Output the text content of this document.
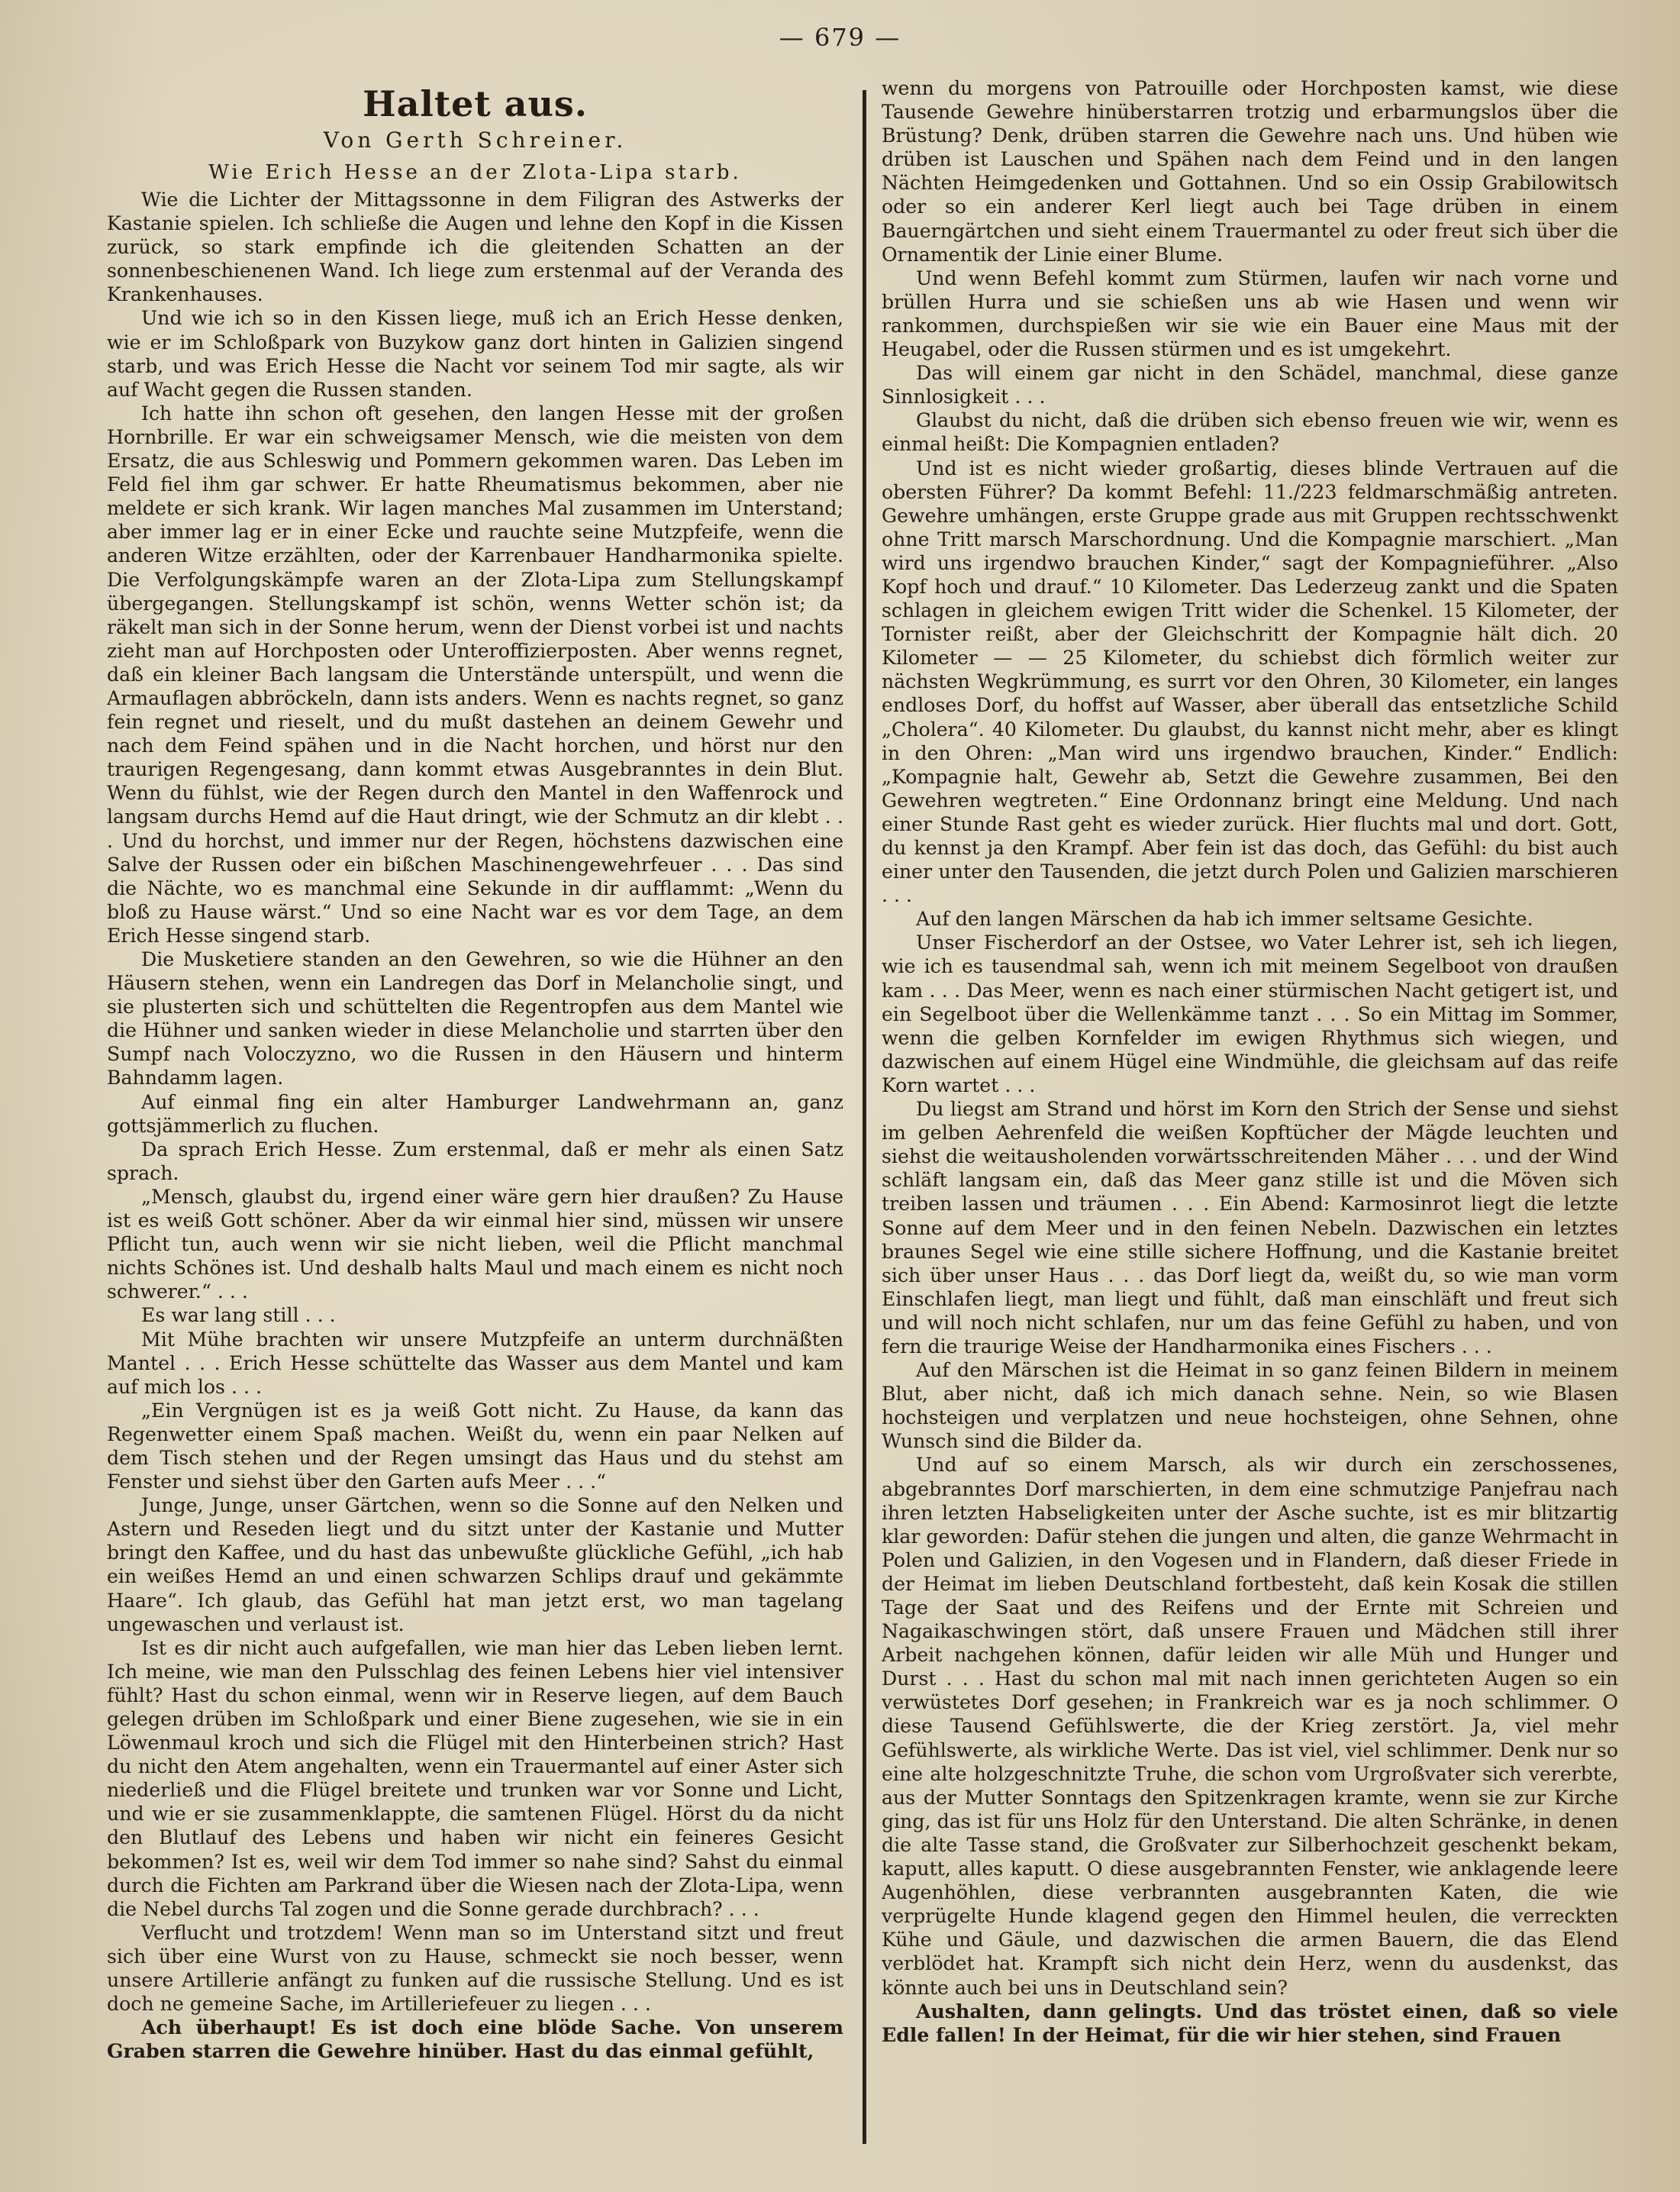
— 679 —
Haltet aus.
Von Gerth Schreiner.
Wie Erich Hesse an der Zlota-Lipa starb.

Wie die Lichter der Mittagssonne in dem Filigran des Astwerks der Kastanie spielen. Ich schließe die Augen und lehne den Kopf in die Kissen zurück, so stark empfinde ich die gleitenden Schatten an der sonnenbeschienenen Wand. Ich liege zum erstenmal auf der Veranda des Krankenhauses.

Und wie ich so in den Kissen liege, muß ich an Erich Hesse denken, wie er im Schloßpark von Buzykow ganz dort hinten in Galizien singend starb, und was Erich Hesse die Nacht vor seinem Tod mir sagte, als wir auf Wacht gegen die Russen standen.

Ich hatte ihn schon oft gesehen, den langen Hesse mit der großen Hornbrille. Er war ein schweigsamer Mensch, wie die meisten von dem Ersatz, die aus Schleswig und Pommern gekommen waren. Das Leben im Feld fiel ihm gar schwer. Er hatte Rheumatismus bekommen, aber nie meldete er sich krank. Wir lagen manches Mal zusammen im Unterstand; aber immer lag er in einer Ecke und rauchte seine Mutzpfeife, wenn die anderen Witze erzählten, oder der Karrenbauer Handharmonika spielte. Die Verfolgungskämpfe waren an der Zlota-Lipa zum Stellungskampf übergegangen. Stellungskampf ist schön, wenns Wetter schön ist; da räkelt man sich in der Sonne herum, wenn der Dienst vorbei ist und nachts zieht man auf Horchposten oder Unteroffizierposten. Aber wenns regnet, daß ein kleiner Bach langsam die Unterstände unterspült, und wenn die Armauflagen abbröckeln, dann ists anders. Wenn es nachts regnet, so ganz fein regnet und rieselt, und du mußt dastehen an deinem Gewehr und nach dem Feind spähen und in die Nacht horchen, und hörst nur den traurigen Regengesang, dann kommt etwas Ausgebranntes in dein Blut. Wenn du fühlst, wie der Regen durch den Mantel in den Waffenrock und langsam durchs Hemd auf die Haut dringt, wie der Schmutz an dir klebt . . . Und du horchst, und immer nur der Regen, höchstens dazwischen eine Salve der Russen oder ein bißchen Maschinengewehrfeuer . . . Das sind die Nächte, wo es manchmal eine Sekunde in dir aufflammt: „Wenn du bloß zu Hause wärst.“ Und so eine Nacht war es vor dem Tage, an dem Erich Hesse singend starb.

Die Musketiere standen an den Gewehren, so wie die Hühner an den Häusern stehen, wenn ein Landregen das Dorf in Melancholie singt, und sie plusterten sich und schüttelten die Regentropfen aus dem Mantel wie die Hühner und sanken wieder in diese Melancholie und starrten über den Sumpf nach Voloczyzno, wo die Russen in den Häusern und hinterm Bahndamm lagen.

Auf einmal fing ein alter Hamburger Landwehrmann an, ganz gottsjämmerlich zu fluchen.

Da sprach Erich Hesse. Zum erstenmal, daß er mehr als einen Satz sprach.

„Mensch, glaubst du, irgend einer wäre gern hier draußen? Zu Hause ist es weiß Gott schöner. Aber da wir einmal hier sind, müssen wir unsere Pflicht tun, auch wenn wir sie nicht lieben, weil die Pflicht manchmal nichts Schönes ist. Und deshalb halts Maul und mach einem es nicht noch schwerer.“ . . .

Es war lang still . . .

Mit Mühe brachten wir unsere Mutzpfeife an unterm durchnäßten Mantel . . . Erich Hesse schüttelte das Wasser aus dem Mantel und kam auf mich los . . .

„Ein Vergnügen ist es ja weiß Gott nicht. Zu Hause, da kann das Regenwetter einem Spaß machen. Weißt du, wenn ein paar Nelken auf dem Tisch stehen und der Regen umsingt das Haus und du stehst am Fenster und siehst über den Garten aufs Meer . . .“

Junge, Junge, unser Gärtchen, wenn so die Sonne auf den Nelken und Astern und Reseden liegt und du sitzt unter der Kastanie und Mutter bringt den Kaffee, und du hast das unbewußte glückliche Gefühl, „ich hab ein weißes Hemd an und einen schwarzen Schlips drauf und gekämmte Haare“. Ich glaub, das Gefühl hat man jetzt erst, wo man tagelang ungewaschen und verlaust ist.

Ist es dir nicht auch aufgefallen, wie man hier das Leben lieben lernt. Ich meine, wie man den Pulsschlag des feinen Lebens hier viel intensiver fühlt? Hast du schon einmal, wenn wir in Reserve liegen, auf dem Bauch gelegen drüben im Schloßpark und einer Biene zugesehen, wie sie in ein Löwenmaul kroch und sich die Flügel mit den Hinterbeinen strich? Hast du nicht den Atem angehalten, wenn ein Trauermantel auf einer Aster sich niederließ und die Flügel breitete und trunken war vor Sonne und Licht, und wie er sie zusammenklappte, die samtenen Flügel. Hörst du da nicht den Blutlauf des Lebens und haben wir nicht ein feineres Gesicht bekommen? Ist es, weil wir dem Tod immer so nahe sind? Sahst du einmal durch die Fichten am Parkrand über die Wiesen nach der Zlota-Lipa, wenn die Nebel durchs Tal zogen und die Sonne gerade durchbrach? . . .

Verflucht und trotzdem! Wenn man so im Unterstand sitzt und freut sich über eine Wurst von zu Hause, schmeckt sie noch besser, wenn unsere Artillerie anfängt zu funken auf die russische Stellung. Und es ist doch ne gemeine Sache, im Artilleriefeuer zu liegen . . .

Ach überhaupt! Es ist doch eine blöde Sache. Von unserem Graben starren die Gewehre hinüber. Hast du das einmal gefühlt,

wenn du morgens von Patrouille oder Horchposten kamst, wie diese Tausende Gewehre hinüberstarren trotzig und erbarmungslos über die Brüstung? Denk, drüben starren die Gewehre nach uns. Und hüben wie drüben ist Lauschen und Spähen nach dem Feind und in den langen Nächten Heimgedenken und Gottahnen. Und so ein Ossip Grabilowitsch oder so ein anderer Kerl liegt auch bei Tage drüben in einem Bauerngärtchen und sieht einem Trauermantel zu oder freut sich über die Ornamentik der Linie einer Blume.

Und wenn Befehl kommt zum Stürmen, laufen wir nach vorne und brüllen Hurra und sie schießen uns ab wie Hasen und wenn wir rankommen, durchspießen wir sie wie ein Bauer eine Maus mit der Heugabel, oder die Russen stürmen und es ist umgekehrt.

Das will einem gar nicht in den Schädel, manchmal, diese ganze Sinnlosigkeit . . .

Glaubst du nicht, daß die drüben sich ebenso freuen wie wir, wenn es einmal heißt: Die Kompagnien entladen?

Und ist es nicht wieder großartig, dieses blinde Vertrauen auf die obersten Führer? Da kommt Befehl: 11./223 feldmarschmäßig antreten. Gewehre umhängen, erste Gruppe grade aus mit Gruppen rechtsschwenkt ohne Tritt marsch Marschordnung. Und die Kompagnie marschiert. „Man wird uns irgendwo brauchen Kinder,“ sagt der Kompagnieführer. „Also Kopf hoch und drauf.“ 10 Kilometer. Das Lederzeug zankt und die Spaten schlagen in gleichem ewigen Tritt wider die Schenkel. 15 Kilometer, der Tornister reißt, aber der Gleichschritt der Kompagnie hält dich. 20 Kilometer — — 25 Kilometer, du schiebst dich förmlich weiter zur nächsten Wegkrümmung, es surrt vor den Ohren, 30 Kilometer, ein langes endloses Dorf, du hoffst auf Wasser, aber überall das entsetzliche Schild „Cholera“. 40 Kilometer. Du glaubst, du kannst nicht mehr, aber es klingt in den Ohren: „Man wird uns irgendwo brauchen, Kinder.“ Endlich: „Kompagnie halt, Gewehr ab, Setzt die Gewehre zusammen, Bei den Gewehren wegtreten.“ Eine Ordonnanz bringt eine Meldung. Und nach einer Stunde Rast geht es wieder zurück. Hier fluchts mal und dort. Gott, du kennst ja den Krampf. Aber fein ist das doch, das Gefühl: du bist auch einer unter den Tausenden, die jetzt durch Polen und Galizien marschieren . . .

Auf den langen Märschen da hab ich immer seltsame Gesichte.

Unser Fischerdorf an der Ostsee, wo Vater Lehrer ist, seh ich liegen, wie ich es tausendmal sah, wenn ich mit meinem Segelboot von draußen kam . . . Das Meer, wenn es nach einer stürmischen Nacht getigert ist, und ein Segelboot über die Wellenkämme tanzt . . . So ein Mittag im Sommer, wenn die gelben Kornfelder im ewigen Rhythmus sich wiegen, und dazwischen auf einem Hügel eine Windmühle, die gleichsam auf das reife Korn wartet . . .

Du liegst am Strand und hörst im Korn den Strich der Sense und siehst im gelben Aehrenfeld die weißen Kopftücher der Mägde leuchten und siehst die weitausholenden vorwärtsschreitenden Mäher . . . und der Wind schläft langsam ein, daß das Meer ganz stille ist und die Möven sich treiben lassen und träumen . . . Ein Abend: Karmosinrot liegt die letzte Sonne auf dem Meer und in den feinen Nebeln. Dazwischen ein letztes braunes Segel wie eine stille sichere Hoffnung, und die Kastanie breitet sich über unser Haus . . . das Dorf liegt da, weißt du, so wie man vorm Einschlafen liegt, man liegt und fühlt, daß man einschläft und freut sich und will noch nicht schlafen, nur um das feine Gefühl zu haben, und von fern die traurige Weise der Handharmonika eines Fischers . . .

Auf den Märschen ist die Heimat in so ganz feinen Bildern in meinem Blut, aber nicht, daß ich mich danach sehne. Nein, so wie Blasen hochsteigen und verplatzen und neue hochsteigen, ohne Sehnen, ohne Wunsch sind die Bilder da.

Und auf so einem Marsch, als wir durch ein zerschossenes, abgebranntes Dorf marschierten, in dem eine schmutzige Panjefrau nach ihren letzten Habseligkeiten unter der Asche suchte, ist es mir blitzartig klar geworden: Dafür stehen die jungen und alten, die ganze Wehrmacht in Polen und Galizien, in den Vogesen und in Flandern, daß dieser Friede in der Heimat im lieben Deutschland fortbesteht, daß kein Kosak die stillen Tage der Saat und des Reifens und der Ernte mit Schreien und Nagaikaschwingen stört, daß unsere Frauen und Mädchen still ihrer Arbeit nachgehen können, dafür leiden wir alle Müh und Hunger und Durst . . . Hast du schon mal mit nach innen gerichteten Augen so ein verwüstetes Dorf gesehen; in Frankreich war es ja noch schlimmer. O diese Tausend Gefühlswerte, die der Krieg zerstört. Ja, viel mehr Gefühlswerte, als wirkliche Werte. Das ist viel, viel schlimmer. Denk nur so eine alte holzgeschnitzte Truhe, die schon vom Urgroßvater sich vererbte, aus der Mutter Sonntags den Spitzenkragen kramte, wenn sie zur Kirche ging, das ist für uns Holz für den Unterstand. Die alten Schränke, in denen die alte Tasse stand, die Großvater zur Silberhochzeit geschenkt bekam, kaputt, alles kaputt. O diese ausgebrannten Fenster, wie anklagende leere Augenhöhlen, diese verbrannten ausgebrannten Katen, die wie verprügelte Hunde klagend gegen den Himmel heulen, die verreckten Kühe und Gäule, und dazwischen die armen Bauern, die das Elend verblödet hat. Krampft sich nicht dein Herz, wenn du ausdenkst, das könnte auch bei uns in Deutschland sein?

Aushalten, dann gelingts. Und das tröstet einen, daß so viele Edle fallen! In der Heimat, für die wir hier stehen, sind Frauen
